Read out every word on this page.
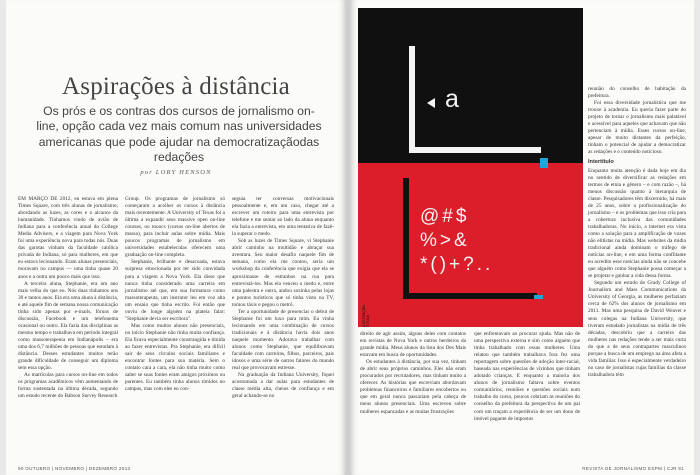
Aspirações à distância
Os prós e os contras dos cursos de jornalismo on-line, opção cada vez mais comum nas universidades americanas que pode ajudar na democratizaçãodas redações
por LORY HENSON

EM MARÇO DE 2012, eu estava em plena Times Square, com três alunas de jornalismo; abordando as luzes, as cores e o alcance da humanidade. Tínhamos vindo de avião de Indiana para a conferência anual do College Media Advisers, e a viagem para Nova York foi uma experiência nova para todas nós. Duas das garotas vinham da faculdade católica privada de Indiana, só para mulheres, em que eu estava lecionando. Eram alunas presenciais, moravam no campus — uma tinha quase 20 anos e a outra um pouco mais que isso.

A terceira aluna, Stephanie, era um ano mais velha do que eu. Nós duas tínhamos uns 30 e tantos anos. Ela era uma aluna à distância, e até aquele fim de semana nossa comunicação tinha sido apenas por e-mails, fóruns de discussão, Facebook e um telefonema ocasional ou outro. Ela fazia das disciplinas as mesmo tempo e trabalhava em período integral como massoterapeuta em Indianápolis – era uma dos 6,7 milhões de pessoas que estudam à distância. Desses estudantes muitos terão grande dificuldade de conseguir um diploma sem essa opção.

As matrículas para cursos on-line em todos os programas acadêmicos vêm aumentando de forma sustentada na última década, segundo um estudo recente do Babson Survey Research

Group. Os programas de jornalismo só começaram a acolher os cursos à distância mais recentemente. A University of Texas foi a última a expandir seus massive open on-line courses, ou moocs (cursos on-line abertos de massa), para incluir aulas sobre mídia. Mais poucos programas de jornalismo em universidades estabelecidas oferecem uma graduação on-line completa.

Stephanie, brilhante e desacoada, estava surpresa emocionada por ter sido convidada para a viagem a Nova York. Ela disse que nunca tinha considerado uma carreira em jornalismo até que, em sua formatura como massoterapeuta, um instrutor leu em voz alta um ensaio que tinha escrito. Foi então que ouviu de longe alguém na plateia falar: "Stephanie devia ser escritora".

Mas como muitos alunos não presenciais, no início Stephanie não tinha muita confiança. Ela ficava especialmente constrangida e tímida ao fazer entrevistas. Pra Stephanie, era difícil sair de seus círculos sociais familiares e encontrar fontes para sua matéria. Sem o contato cara a cara, ela não tinha muito como saber se suas fontes eram amigos próximos ou parentes. Eu também tinha alunos tímidos no campus, mas com eles eu con-

seguia ter conversas motivacionais pessoalmente e, em um caso, chegar até a escrever um roteiro para uma entrevista por telefone e me sentar ao lado da aluna enquanto ela fazia a entrevista, em uma tentativa de fazê-la superar o medo.

Sob as luzes de Times Square, vi Stephanie abrir caminho na multidão e abraçar sua aventura. Seu maior desafio naquele fim de semana, como ela me contou, seria um workshop da conferência que exigia que ela se aproximasse de estranhos na rua para entrevistá-los. Mas ela venceu o medo e, entre uma palestra e outra, andou sozinha pelas lojas e pontos turísticos que só tinha visto na TV, tomou táxis e pegou o metrô.

Ter a oportunidade de presenciar o debut de Stephanie foi um luxo para mim. Eu vinha lecionando em uma combinação de cursos tradicionais e à distância havia dois anos naquele momento. Adorava trabalhar com alunos como Stephanie, que equilibravam faculdade com carreiras, filhos, parceiros, pais idosos e uma série de outros fatores do mundo real que provocavam estresse.

Na graduação da Indiana University, fiquei acostumada a dar aulas para estudantes de classe média alta, cheios de confiança e em geral achando-se no

90 OUTUBRO | NOVEMBRO | DEZEMBRO 2013
a
@#$
%>&
*()+?..
ILUSTRAÇÃO: ISTOCK

reunião do conselho de habitação da prefeitura.

Foi essa diversidade jornalística que me trouxe à academia. Eu queria fazer parte do projeto de tornar o jornalismo mais palatável e acessível para aqueles que achavam que não pertenciam à mídia. Esses cursos on-line, apesar de muito distantes da perfeição, tinham o potencial de ajudar a democratizar as redações e o conteúdo noticioso.

Intertítulo

Enquanto muita atenção é dada hoje em dia no sentido de diversificar as redações em termos de etnia e gênero – e com razão –, há menos discussão quanto à hierarquia de classe. Pesquisadores têm discernido, há mais de 25 anos, sobre a profissionalização do jornalismo – e os problemas que isso cria para a cobertura inclusiva das comunidades trabalhadoras. No início, a internet era vista como a solução para a amplificação de vozes não elitistas na mídia. Mas websites da mídia tradicional ainda dominam o tráfego de notícias on-line, e em uma forma conflitante eu acredito esse noticias ainda não se concebe que alguém como Stephanie possa começar a se projetar e ganhar a vida dessa forma.

Segundo um estudo do Grady College of Journalism and Mass Communications da University of Georgia, as mulheres perfaziam cerca de 62% dos alunos de jornalismo em 2011. Mas uma pesquisa de David Weaver e seus colegas na Indiana University, que tiveram estudado jornalistas na mídia de três décadas, descobriu que a carreira das mulheres nas redações tende a ser mais curta do que a de seus contrapartes masculinos porque a busca de um emprego na área afeta a vida familiar. Isso é especialmente verdadeiro no caso de jornalistas cujas famílias da classe trabalhadora têm

direito de agir assim, alguns deles com contatos em revistas de Nova York e outros herdeiros da grande mídia. Meus alunos da lista dos Des Mais estavam em busca de oportunidades.

Os estudantes à distância, por sua vez, tinham de abrir seus próprios caminhos. Eles não eram procurados por recrutadores, mas tinham muito a oferecer. As histórias que escreviam abordavam problemas financeiros e familiares encobertos ou que em geral nunca passariam pela cabeça de meus alunos presenciais. Uma escreveu sobre mulheres espancadas e as muitas frustrações

que enfrentavam ao procurar ajuda. Mas não de uma perspectiva externa e sim como alguém que tinha trabalhado com essas mulheres. Uma relatou que também trabalhava fora fez uma reportagem sobre questões de adoção inter-racial, baseada nas experiências de vizinhos que tinham adotado crianças. E enquanto a maioria dos alunos de jornalismo faltava sobre eventos comunitários, reuniões e questões sociais num trabalho do curso, poucos cobriam as reuniões do conselho da prefeitura da perspectiva de um pai com um traçam a experiência de ser um dono de imóvel pagante de impostos

REVISTA DE JORNALISMO ESPM | CJR 91
